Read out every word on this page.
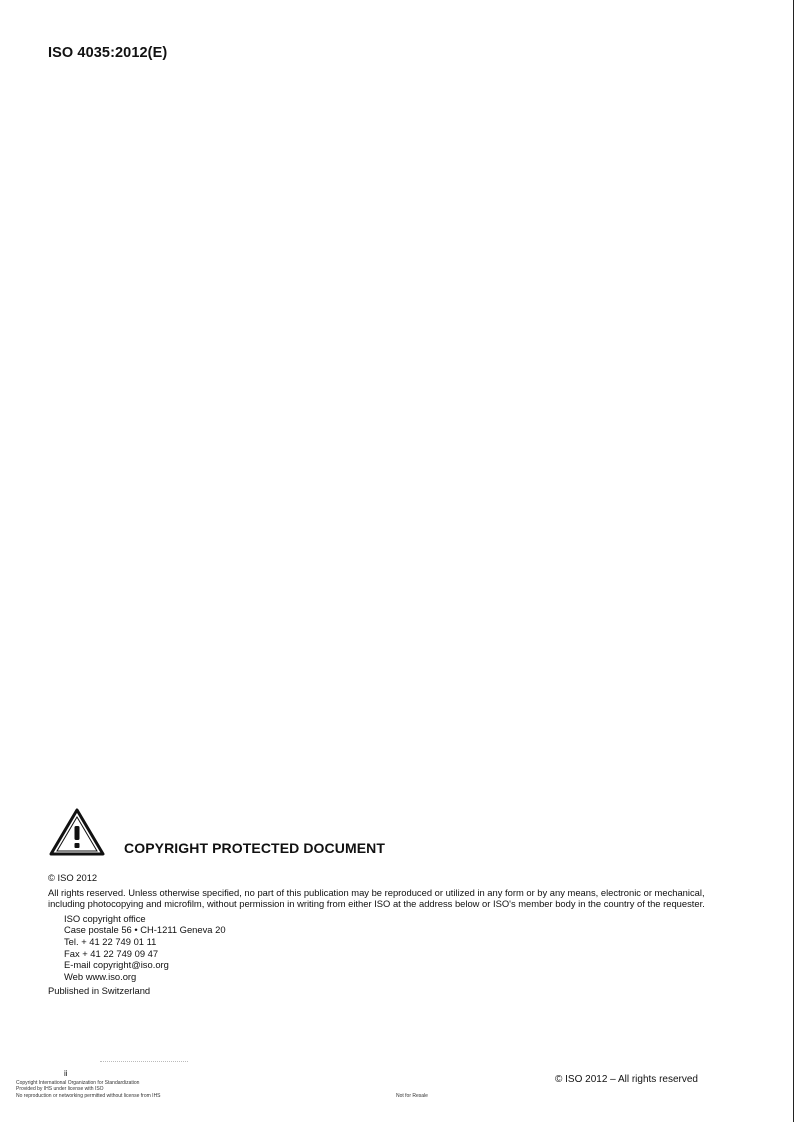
ISO 4035:2012(E)
COPYRIGHT PROTECTED DOCUMENT
© ISO 2012
All rights reserved. Unless otherwise specified, no part of this publication may be reproduced or utilized in any form or by any means, electronic or mechanical, including photocopying and microfilm, without permission in writing from either ISO at the address below or ISO's member body in the country of the requester.
ISO copyright office
Case postale 56 • CH-1211 Geneva 20
Tel. + 41 22 749 01 11
Fax + 41 22 749 09 47
E-mail copyright@iso.org
Web www.iso.org
Published in Switzerland
ii
© ISO 2012 – All rights reserved
Copyright International Organization for Standardization
Provided by IHS under license with ISO
No reproduction or networking permitted without license from IHS	Not for Resale
